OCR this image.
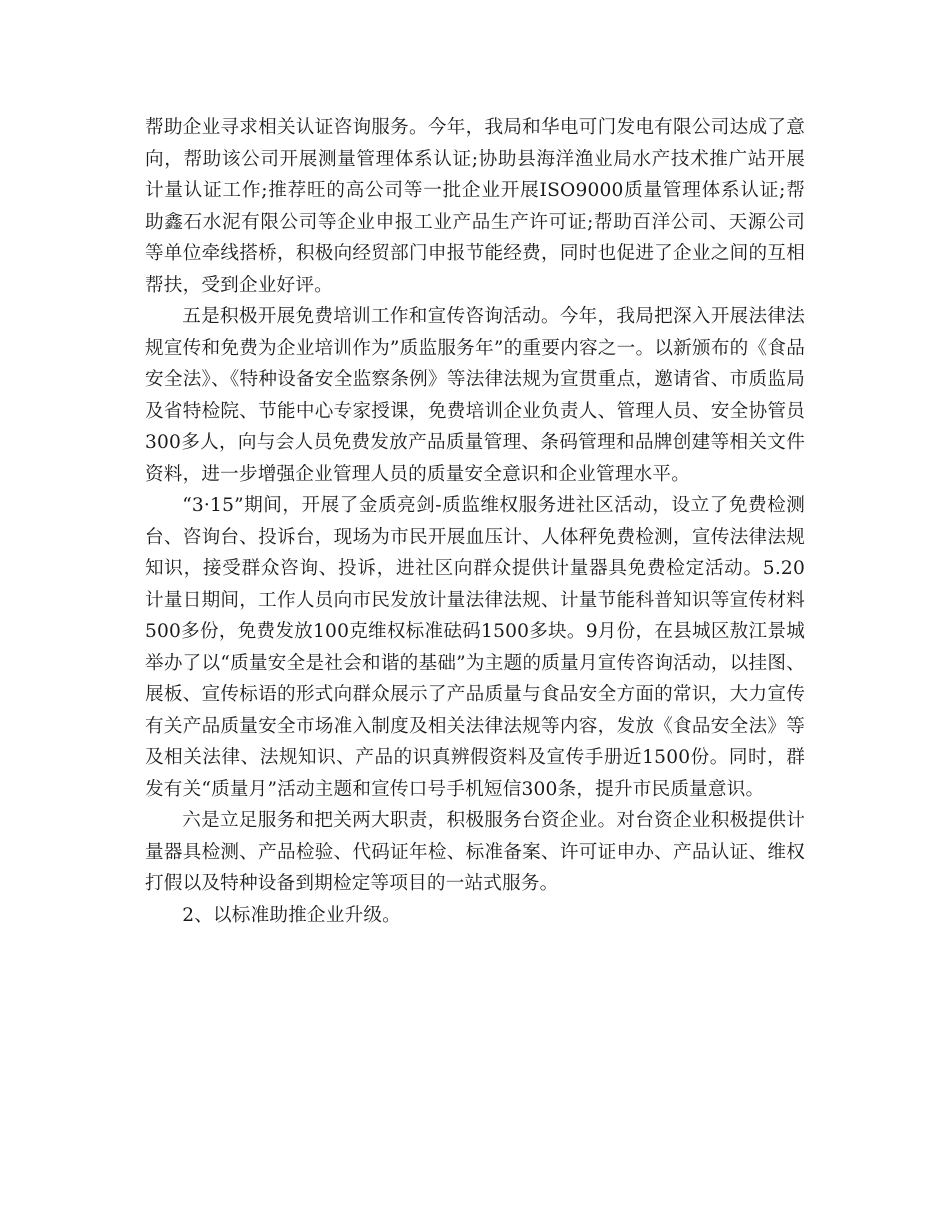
帮助企业寻求相关认证咨询服务。今年，我局和华电可门发电有限公司达成了意向，帮助该公司开展测量管理体系认证;协助县海洋渔业局水产技术推广站开展计量认证工作;推荐旺的高公司等一批企业开展ISO9000质量管理体系认证;帮助鑫石水泥有限公司等企业申报工业产品生产许可证;帮助百洋公司、天源公司等单位牵线搭桥，积极向经贸部门申报节能经费，同时也促进了企业之间的互相帮扶，受到企业好评。

五是积极开展免费培训工作和宣传咨询活动。今年，我局把深入开展法律法规宣传和免费为企业培训作为”质监服务年”的重要内容之一。以新颁布的《食品安全法》、《特种设备安全监察条例》等法律法规为宣贯重点，邀请省、市质监局及省特检院、节能中心专家授课，免费培训企业负责人、管理人员、安全协管员300多人，向与会人员免费发放产品质量管理、条码管理和品牌创建等相关文件资料，进一步增强企业管理人员的质量安全意识和企业管理水平。

“3·15”期间，开展了金质亮剑-质监维权服务进社区活动，设立了免费检测台、咨询台、投诉台，现场为市民开展血压计、人体秤免费检测，宣传法律法规知识，接受群众咨询、投诉，进社区向群众提供计量器具免费检定活动。5.20计量日期间，工作人员向市民发放计量法律法规、计量节能科普知识等宣传材料500多份，免费发放100克维权标准砝码1500多块。9月份，在县城区敖江景城举办了以“质量安全是社会和谐的基础”为主题的质量月宣传咨询活动，以挂图、展板、宣传标语的形式向群众展示了产品质量与食品安全方面的常识，大力宣传有关产品质量安全市场准入制度及相关法律法规等内容，发放《食品安全法》等及相关法律、法规知识、产品的识真辨假资料及宣传手册近1500份。同时，群发有关“质量月”活动主题和宣传口号手机短信300条，提升市民质量意识。

六是立足服务和把关两大职责，积极服务台资企业。对台资企业积极提供计量器具检测、产品检验、代码证年检、标准备案、许可证申办、产品认证、维权打假以及特种设备到期检定等项目的一站式服务。

2、以标准助推企业升级。
